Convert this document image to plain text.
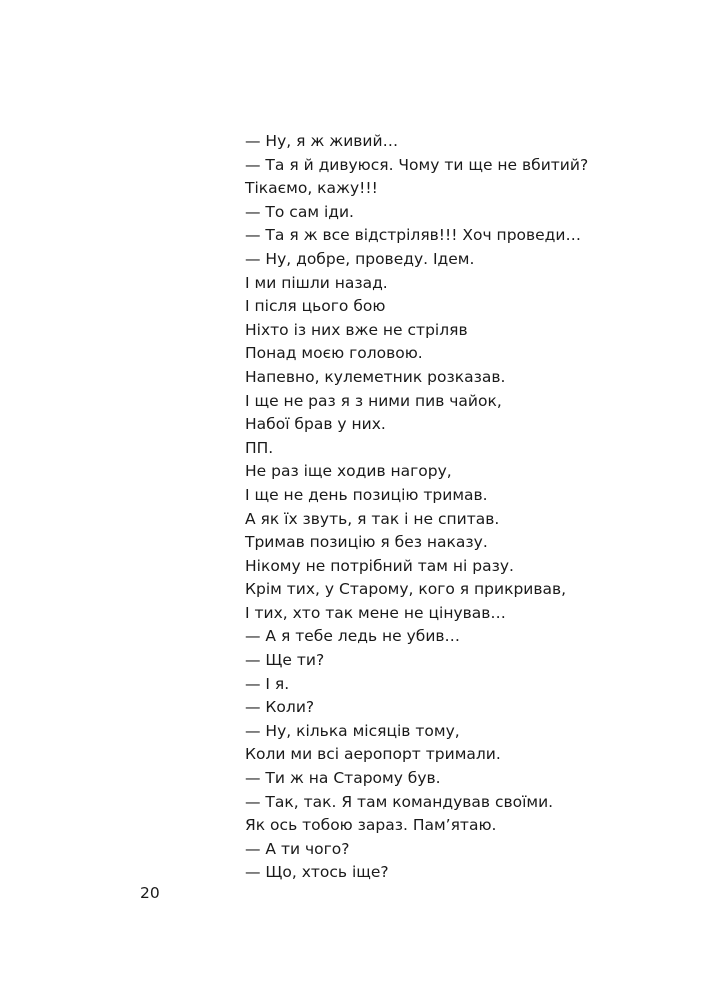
— Ну, я ж живий…
— Та я й дивуюся. Чому ти ще не вбитий?
Тікаємо, кажу!!!
— То сам іди.
— Та я ж все відстріляв!!! Хоч проведи…
— Ну, добре, проведу. Ідем.
І ми пішли назад.
І після цього бою
Ніхто із них вже не стріляв
Понад моєю головою.
Напевно, кулеметник розказав.
І ще не раз я з ними пив чайок,
Набої брав у них.
ПП.
Не раз іще ходив нагору,
І ще не день позицію тримав.
А як їх звуть, я так і не спитав.
Тримав позицію я без наказу.
Нікому не потрібний там ні разу.
Крім тих, у Старому, кого я прикривав,
І тих, хто так мене не цінував…
— А я тебе ледь не убив…
— Ще ти?
— І я.
— Коли?
— Ну, кілька місяців тому,
Коли ми всі аеропорт тримали.
— Ти ж на Старому був.
— Так, так. Я там командував своїми.
Як ось тобою зараз. Пам’ятаю.
— А ти чого?
— Що, хтось іще?
20
